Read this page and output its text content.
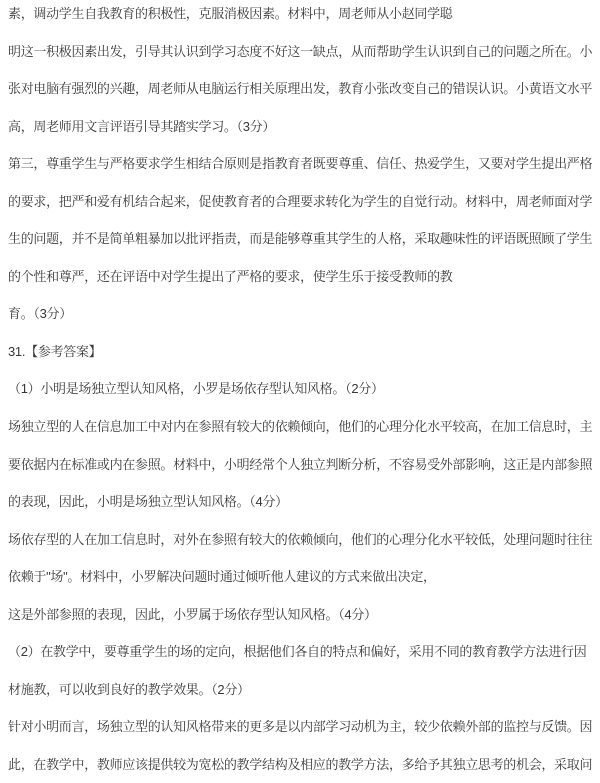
素，调动学生自我教育的积极性，克服消极因素。材料中，周老师从小赵同学聪
明这一积极因素出发，引导其认识到学习态度不好这一缺点，从而帮助学生认识到自己的问题之所在。小
张对电脑有强烈的兴趣，周老师从电脑运行相关原理出发，教育小张改变自己的错误认识。小黄语文水平
高，周老师用文言评语引导其踏实学习。（3分）
第三，尊重学生与严格要求学生相结合原则是指教育者既要尊重、信任、热爱学生，又要对学生提出严格
的要求，把严和爱有机结合起来，促使教育者的合理要求转化为学生的自觉行动。材料中，周老师面对学
生的问题，并不是简单粗暴加以批评指责，而是能够尊重其学生的人格，采取趣味性的评语既照顾了学生
的个性和尊严，还在评语中对学生提出了严格的要求，使学生乐于接受教师的教
育。（3分）
31.【参考答案】
（1）小明是场独立型认知风格，小罗是场依存型认知风格。（2分）
场独立型的人在信息加工中对内在参照有较大的依赖倾向，他们的心理分化水平较高，在加工信息时，主
要依据内在标准或内在参照。材料中，小明经常个人独立判断分析，不容易受外部影响，这正是内部参照
的表现，因此，小明是场独立型认知风格。（4分）
场依存型的人在加工信息时，对外在参照有较大的依赖倾向，他们的心理分化水平较低，处理问题时往往
依赖于"场"。材料中，小罗解决问题时通过倾听他人建议的方式来做出决定，
这是外部参照的表现，因此，小罗属于场依存型认知风格。（4分）
（2）在教学中，要尊重学生的场的定向，根据他们各自的特点和偏好，采用不同的教育教学方法进行因
材施教，可以收到良好的教学效果。（2分）
针对小明而言，场独立型的认知风格带来的更多是以内部学习动机为主，较少依赖外部的监控与反馈。因
此，在教学中，教师应该提供较为宽松的教学结构及相应的教学方法，多给予其独立思考的机会，采取问
